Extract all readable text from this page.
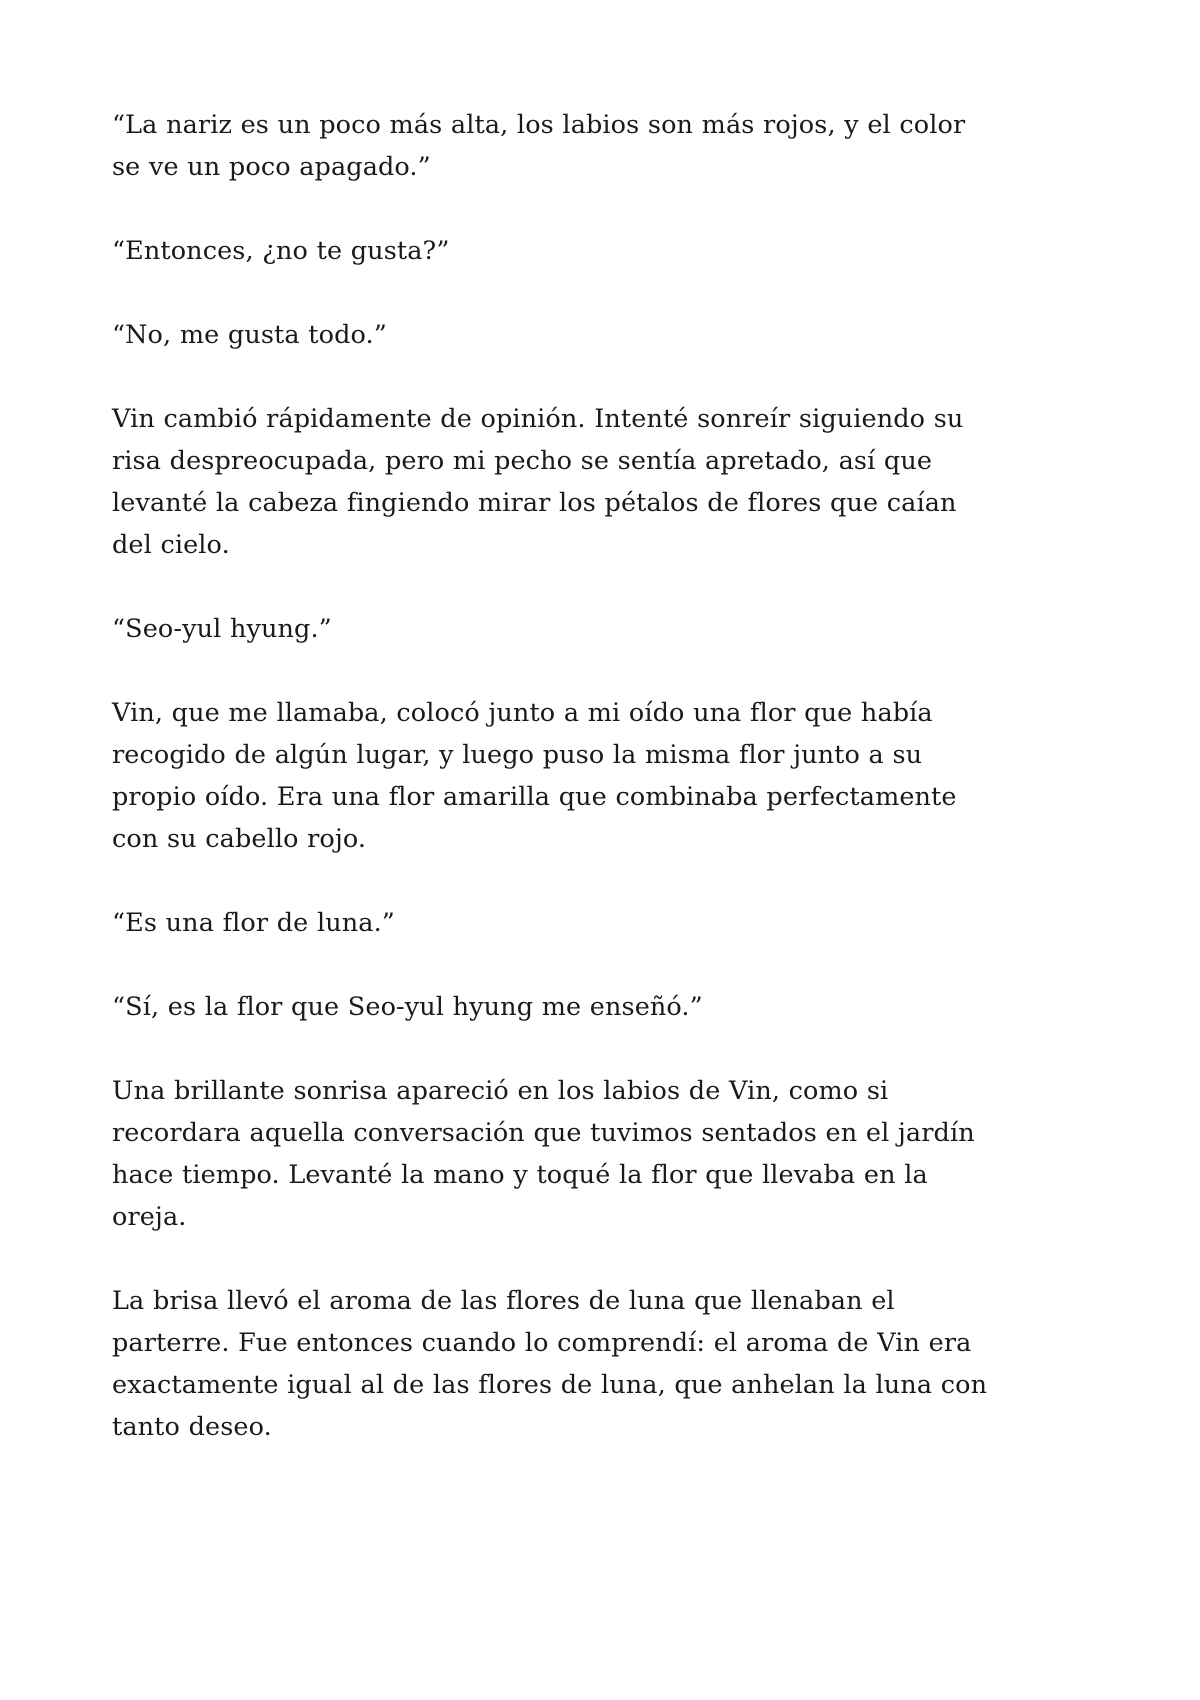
“La nariz es un poco más alta, los labios son más rojos, y el color se ve un poco apagado.”

“Entonces, ¿no te gusta?”

“No, me gusta todo.”

Vin cambió rápidamente de opinión. Intenté sonreír siguiendo su risa despreocupada, pero mi pecho se sentía apretado, así que levanté la cabeza fingiendo mirar los pétalos de flores que caían del cielo.

“Seo-yul hyung.”

Vin, que me llamaba, colocó junto a mi oído una flor que había recogido de algún lugar, y luego puso la misma flor junto a su propio oído. Era una flor amarilla que combinaba perfectamente con su cabello rojo.

“Es una flor de luna.”

“Sí, es la flor que Seo-yul hyung me enseñó.”

Una brillante sonrisa apareció en los labios de Vin, como si recordara aquella conversación que tuvimos sentados en el jardín hace tiempo. Levanté la mano y toqué la flor que llevaba en la oreja.

La brisa llevó el aroma de las flores de luna que llenaban el parterre. Fue entonces cuando lo comprendí: el aroma de Vin era exactamente igual al de las flores de luna, que anhelan la luna con tanto deseo.
